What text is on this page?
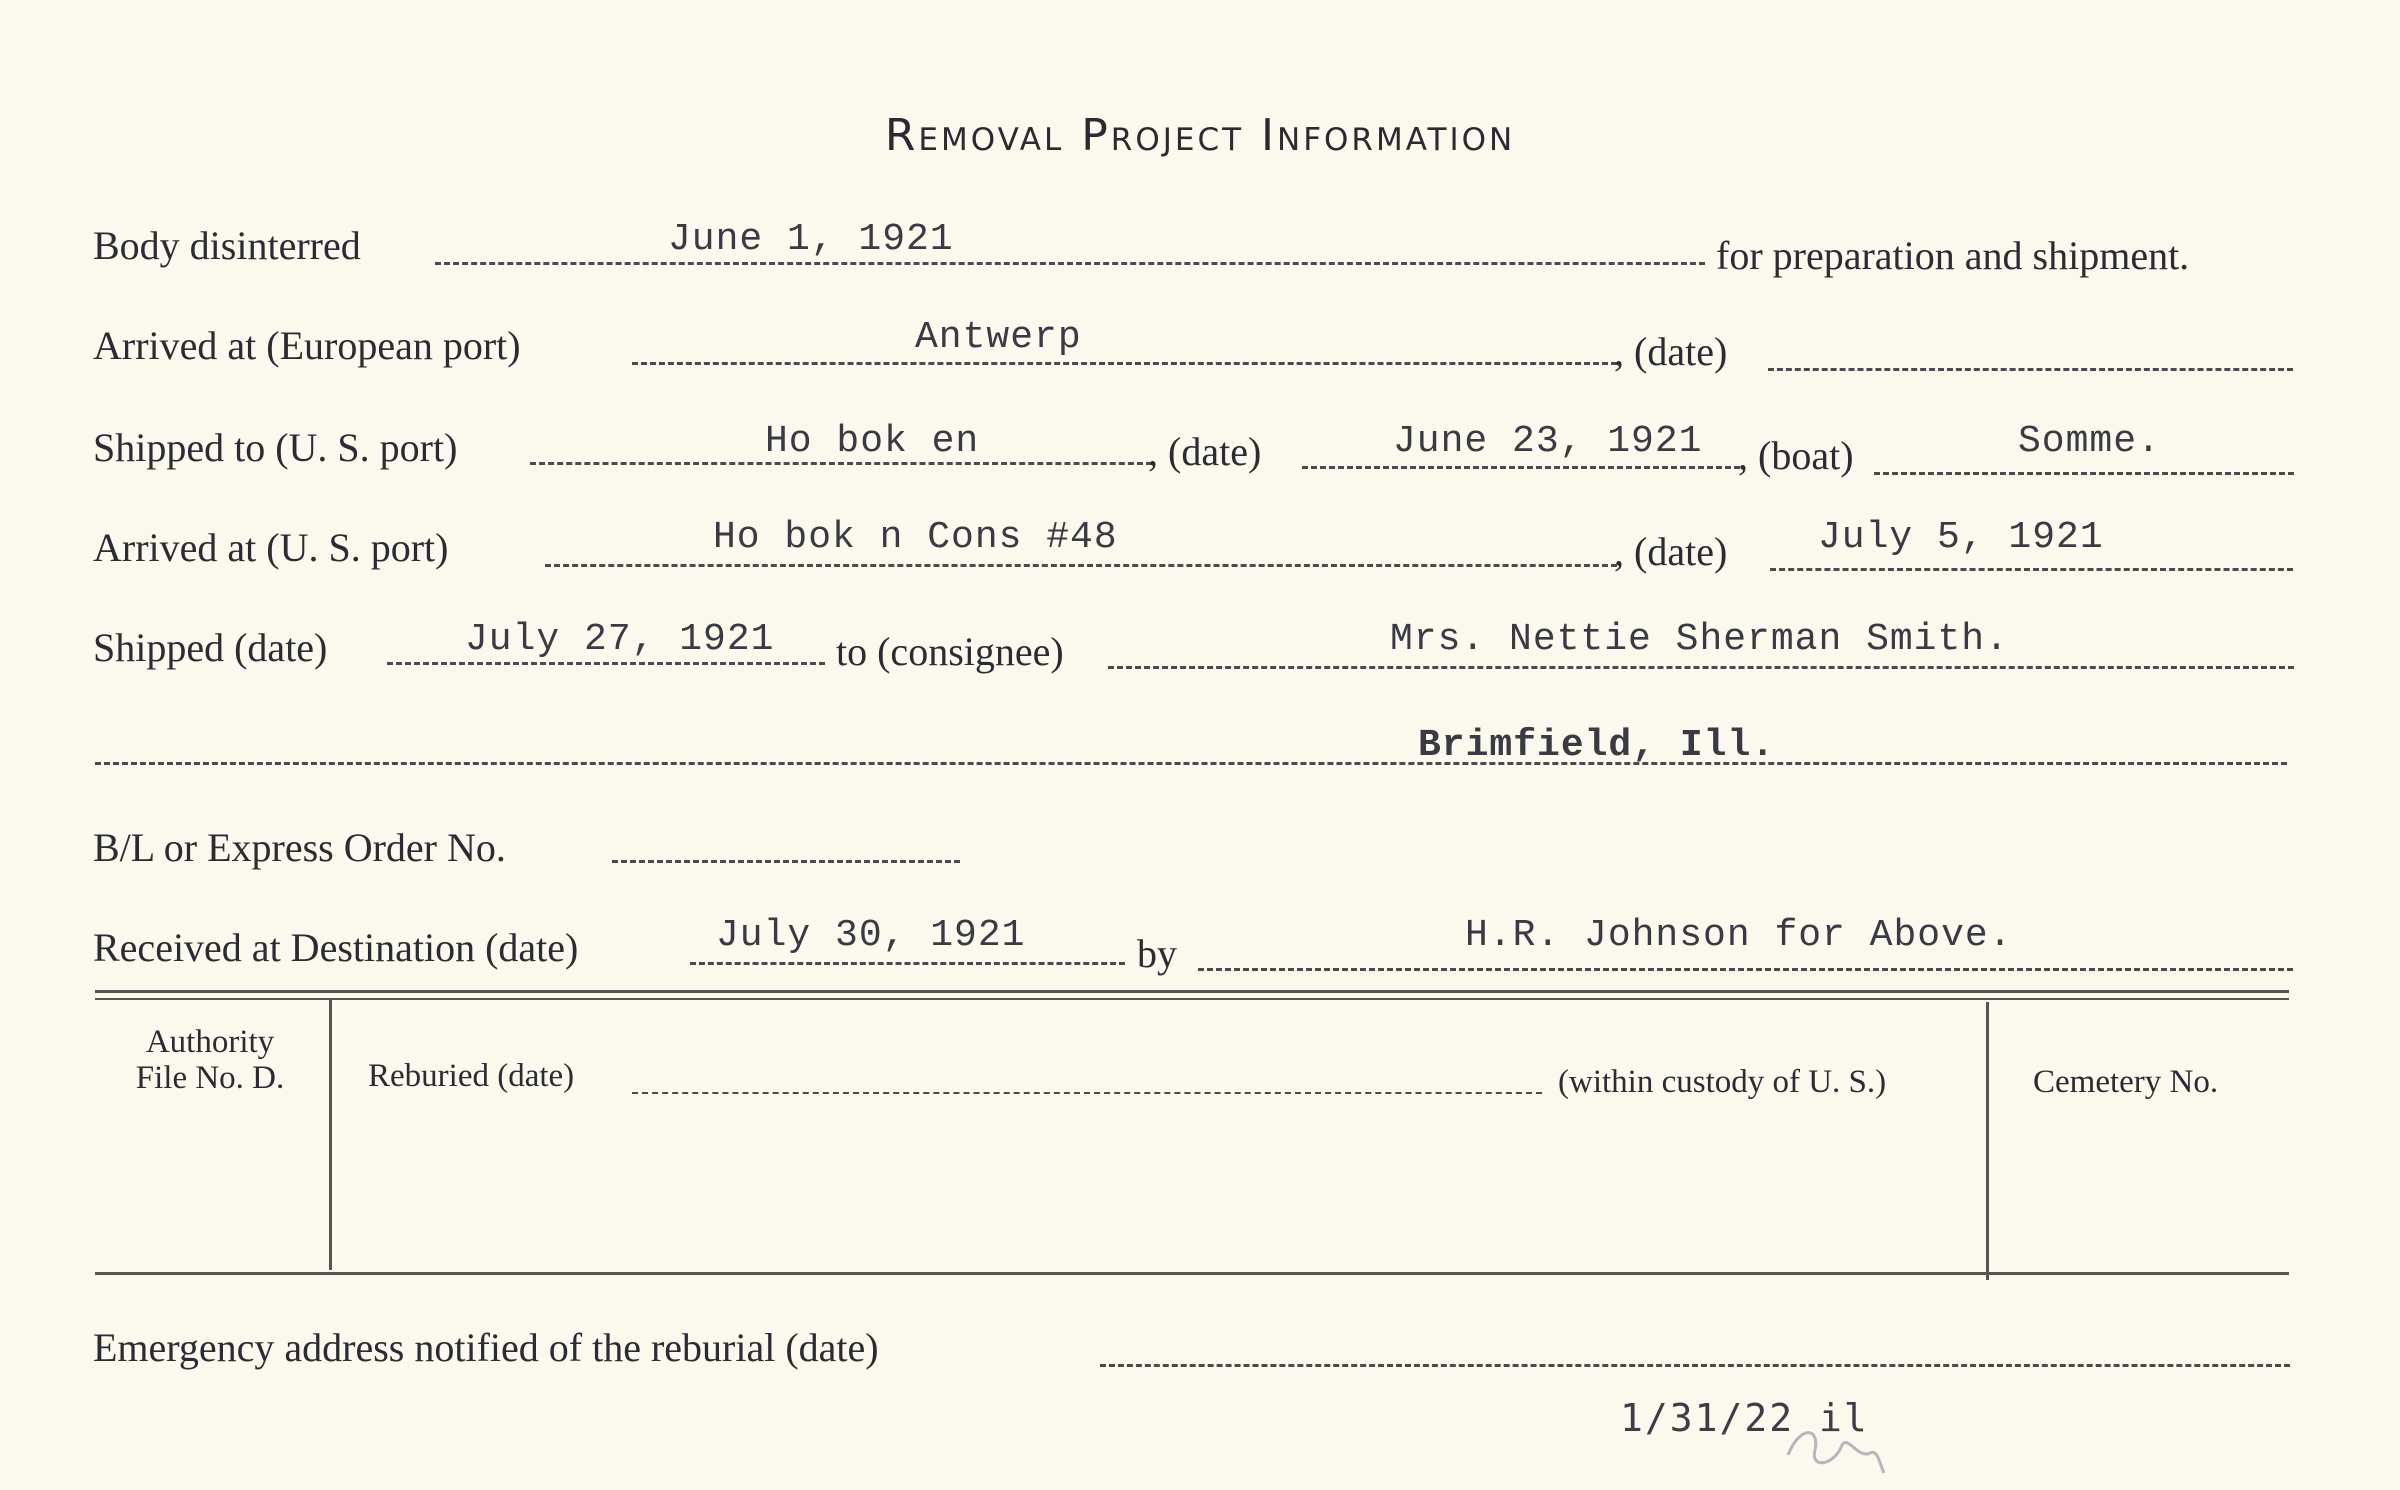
Removal Project Information
Body disinterred	June 1, 1921	for preparation and shipment.
Arrived at (European port)	Antwerp	, (date)
Shipped to (U. S. port)	Ho bok en	, (date)	June 23, 1921 , (boat)	Somme.
Arrived at (U. S. port)	Ho bok n Cons #48	, (date) July 5, 1921
Shipped (date)	July 27, 1921 to (consignee)	Mrs. Nettie Sherman Smith.
Brimfield, Ill.
B/L or Express Order No.
Received at Destination (date)	July 30, 1921	by	H.R. Johnson for Above.
Authority
File No. D.	Reburied (date)	(within custody of U. S.)	Cemetery No.
Emergency address notified of the reburial (date)
1/31/22 il
